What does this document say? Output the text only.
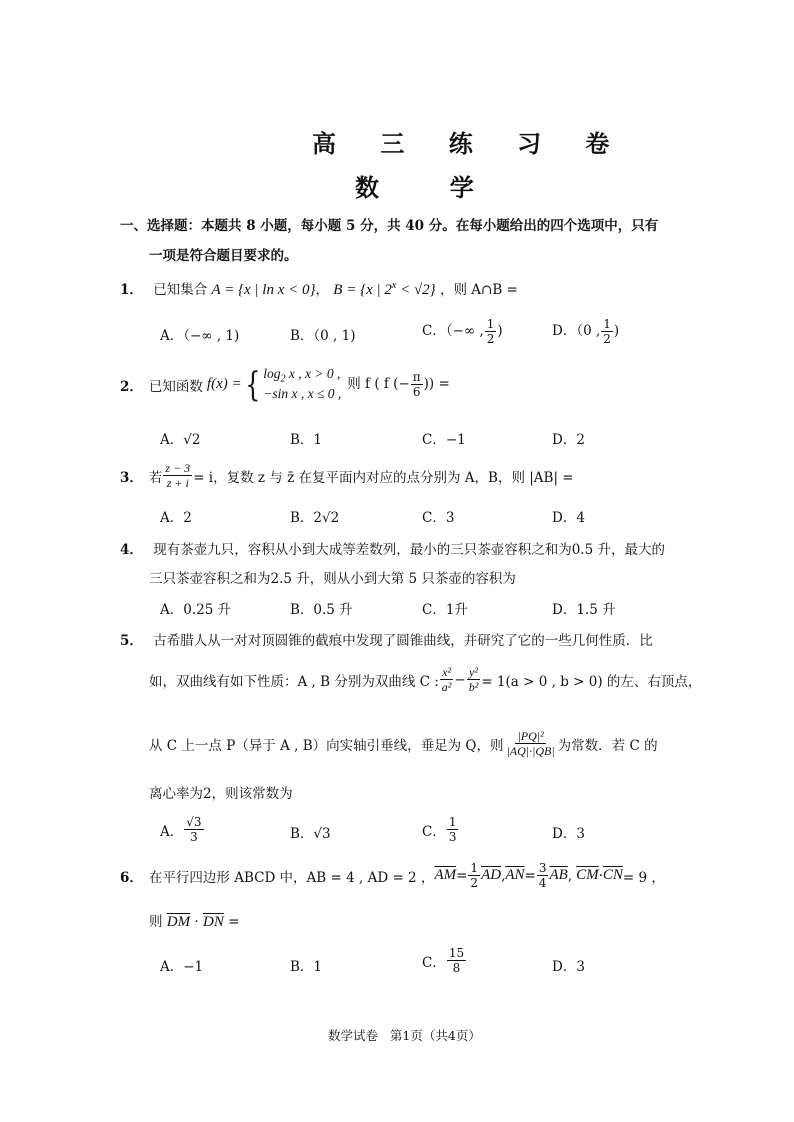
高 三 练 习 卷
数  学
一、选择题：本题共 8 小题，每小题 5 分，共 40 分。在每小题给出的四个选项中，只有
一项是符合题目要求的。
1． 已知集合 A = {x | ln x < 0}， B = {x | $2^x < √2$} ，则 A∩B =
A．（−∞ , 1)	B．（0 , 1)	C．（−∞ , $\frac{1}{2}$ )	D．（0 , $\frac{1}{2}$ )
2． 已知函数 f(x) = { $\log_2 x$ , x > 0 ,
−sin x , x ≤ 0 ,
则 f ( f (− $\frac{\pi}{6}$ )) =
A．√2	B．1	C．−1	D．2
3． 若 $\frac{z - 3}{z + i} = i$，复数 z 与 z̄ 在复平面内对应的点分别为 A，B，则 |AB| =
A．2	B．2√2	C．3	D．4
4． 现有茶壶九只，容积从小到大成等差数列，最小的三只茶壶容积之和为0.5 升，最大的
三只茶壶容积之和为2.5 升，则从小到大第 5 只茶壶的容积为
A．0.25 升	B．0.5 升	C．1升	D．1.5 升
5． 古希腊人从一对对顶圆锥的截痕中发现了圆锥曲线，并研究了它的一些几何性质．比
如，双曲线有如下性质：A , B 分别为双曲线 C : $\frac{\text{x²}}{\text{a²}} - \frac{\text{y²}}{\text{b²}} = 1(a > 0$ , b > 0) 的左、右顶点，
从 C 上一点 P（异于 A , B）向实轴引垂线，垂足为 Q，则 $\frac{\text{|PQ|²}}{|AQ|\cdot|QB|}$ 为常数．若 C 的
离心率为2，则该常数为
A． $\frac{√3}{3}$	B．√3	C． $\frac{1}{3}$	D．3
6． 在平行四边形 ABCD 中，AB = 4 , AD = 2 ， $\overline{AM} = \frac{1}{2} \overline{AD}$ , $\overline{AN} = \frac{3}{4} \overline{AB}$ , $\overline{CM} \cdot \overline{CN} = 9$ ，
则 $\overline{DM} \cdot \overline{DN}$ =
A．−1	B．1	C． $\frac{15}{8}$	D．3
数学试卷   第1页（共4页）
